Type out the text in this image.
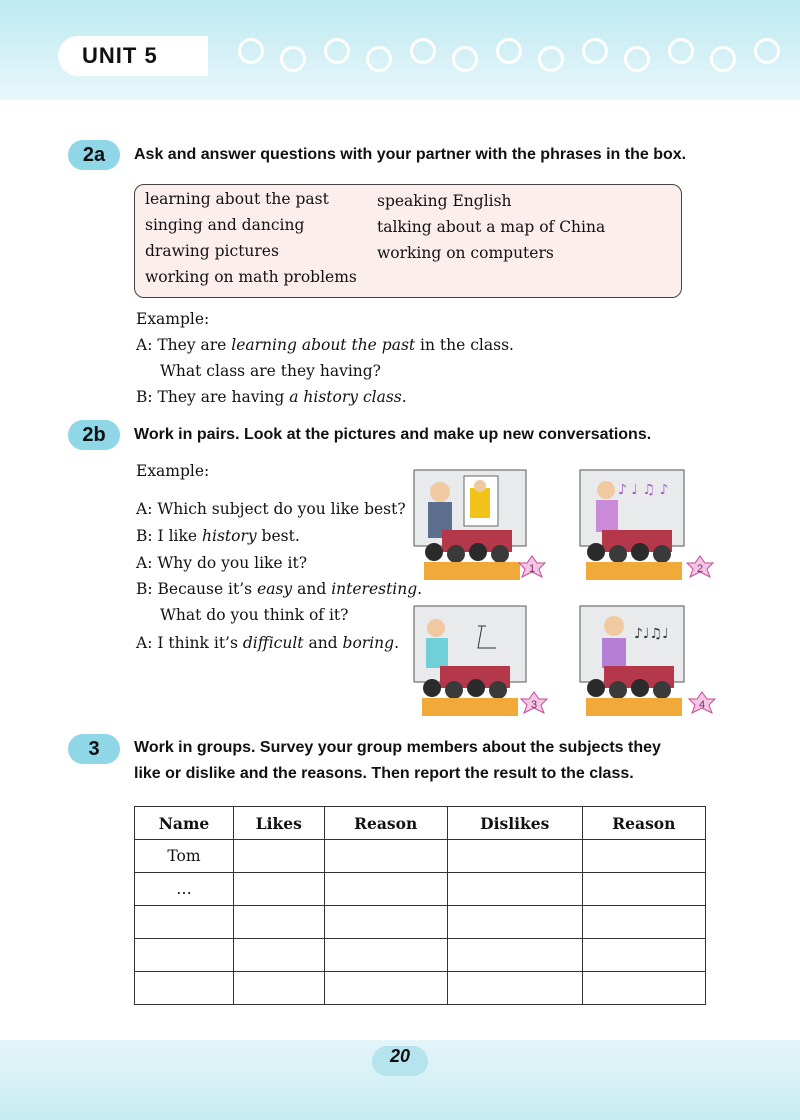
UNIT 5
2a	Ask and answer questions with your partner with the phrases in the box.
learning about the past
singing and dancing
drawing pictures
working on math problems
speaking English
talking about a map of China
working on computers
Example:
A: They are learning about the past in the class.
What class are they having?
B: They are having a history class.
2b	Work in pairs. Look at the pictures and make up new conversations.
Example:
A: Which subject do you like best?
B: I like history best.
A: Why do you like it?
B: Because it’s easy and interesting.
What do you think of it?
A: I think it’s difficult and boring.
1
♪ ♩ ♫ ♪
2
3
♪♩♫♩
4
3	Work in groups. Survey your group members about the subjects they
like or dislike and the reasons. Then report the result to the class.
Name	Likes	Reason	Dislikes	Reason
Tom				
…				

20
